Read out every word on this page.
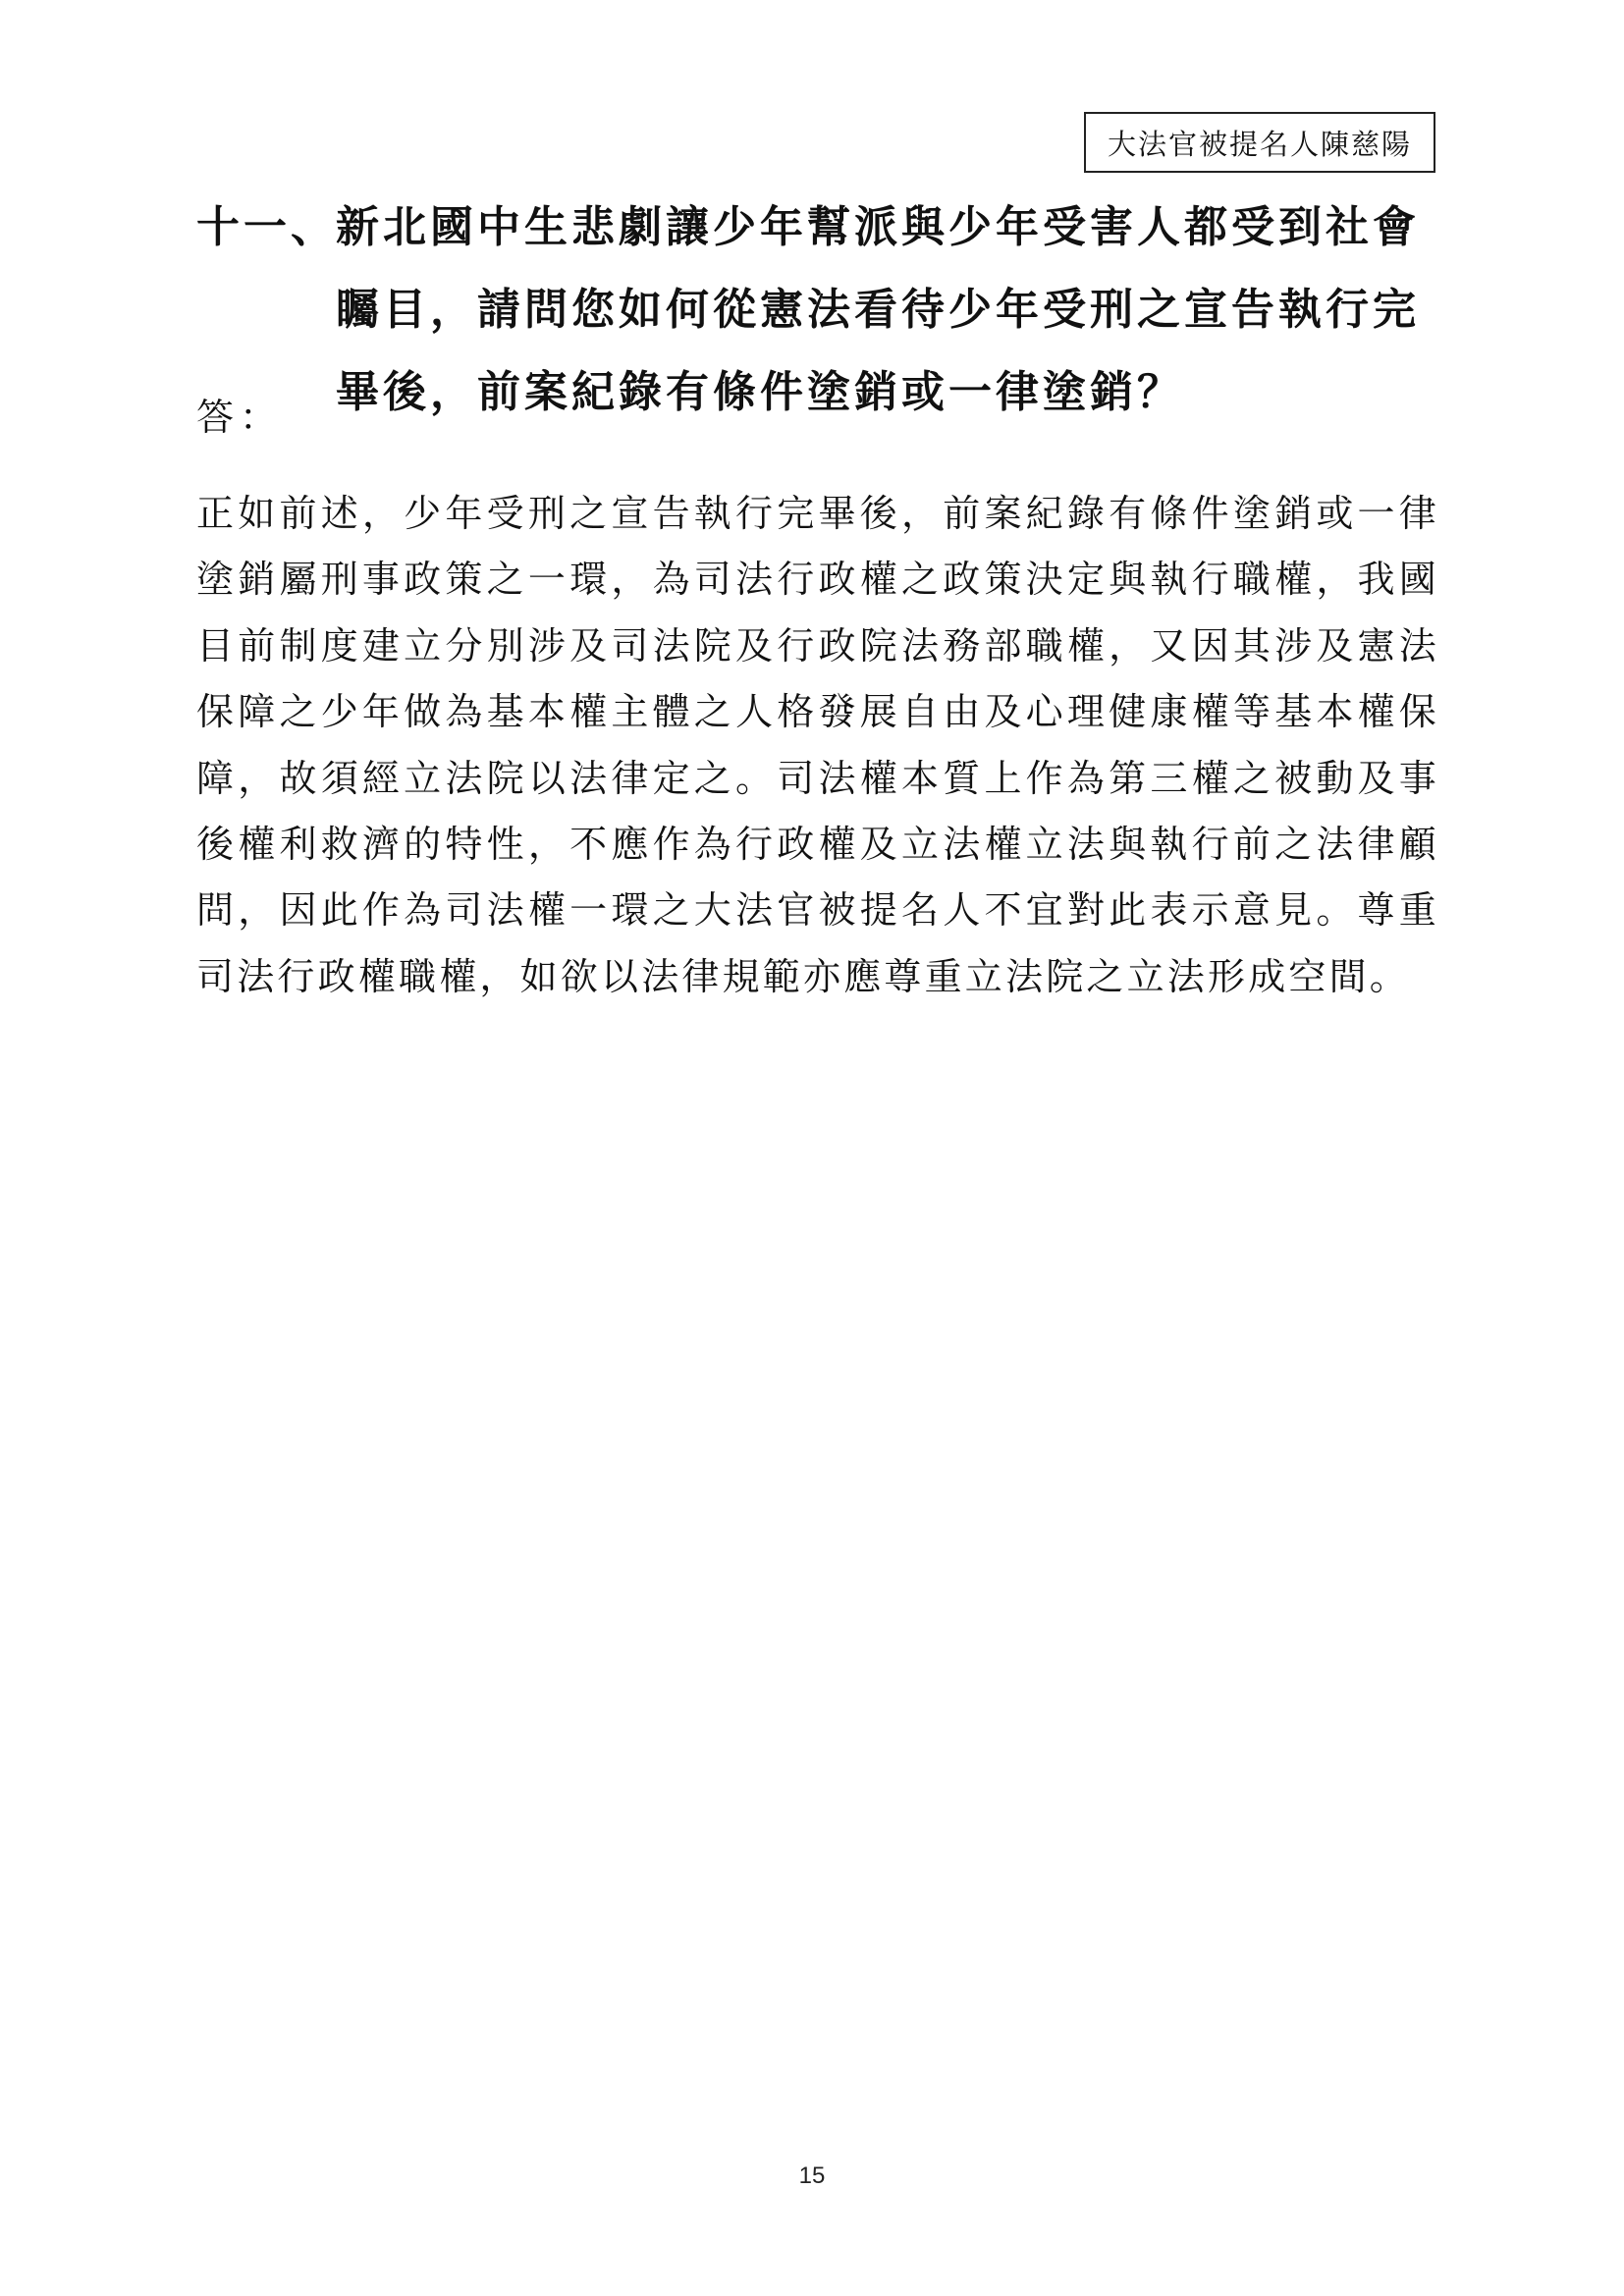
大法官被提名人陳慈陽
十一、
新北國中生悲劇讓少年幫派與少年受害人都受到社會矚目，請問您如何從憲法看待少年受刑之宣告執行完畢後，前案紀錄有條件塗銷或一律塗銷？
答：
正如前述，少年受刑之宣告執行完畢後，前案紀錄有條件塗銷或一律塗銷屬刑事政策之一環，為司法行政權之政策決定與執行職權，我國目前制度建立分別涉及司法院及行政院法務部職權，又因其涉及憲法保障之少年做為基本權主體之人格發展自由及心理健康權等基本權保障，故須經立法院以法律定之。司法權本質上作為第三權之被動及事後權利救濟的特性，不應作為行政權及立法權立法與執行前之法律顧問，因此作為司法權一環之大法官被提名人不宜對此表示意見。尊重司法行政權職權，如欲以法律規範亦應尊重立法院之立法形成空間。
15
